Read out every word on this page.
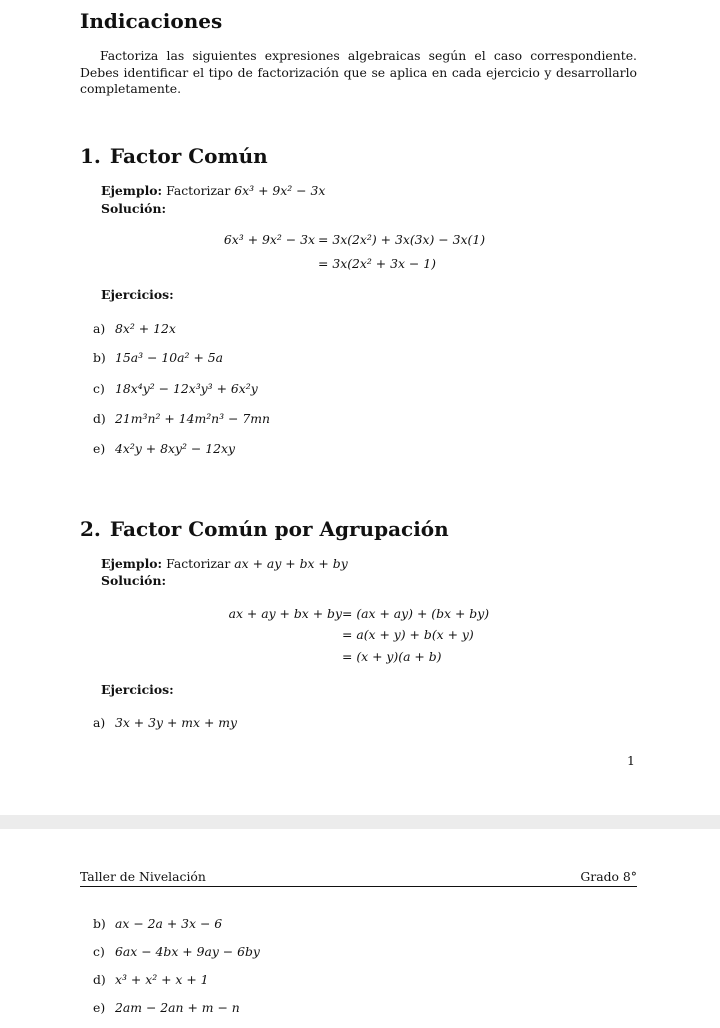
Indicaciones

Factoriza las siguientes expresiones algebraicas según el caso correspondiente. Debes identificar el tipo de factorización que se aplica en cada ejercicio y desarrollarlo completamente.

1. Factor Común
Ejemplo: Factorizar 6x³ + 9x² − 3x
Solución:
6x³ + 9x² − 3x = 3x(2x²) + 3x(3x) − 3x(1)
= 3x(2x² + 3x − 1)
Ejercicios:
a) 8x² + 12x
b) 15a³ − 10a² + 5a
c) 18x⁴y² − 12x³y³ + 6x²y
d) 21m³n² + 14m²n³ − 7mn
e) 4x²y + 8xy² − 12xy
2. Factor Común por Agrupación
Ejemplo: Factorizar ax + ay + bx + by
Solución:
ax + ay + bx + by = (ax + ay) + (bx + by)
= a(x + y) + b(x + y)
= (x + y)(a + b)
Ejercicios:
a) 3x + 3y + mx + my
1
Taller de Nivelación	Grado 8°
b) ax − 2a + 3x − 6
c) 6ax − 4bx + 9ay − 6by
d) x³ + x² + x + 1
e) 2am − 2an + m − n
